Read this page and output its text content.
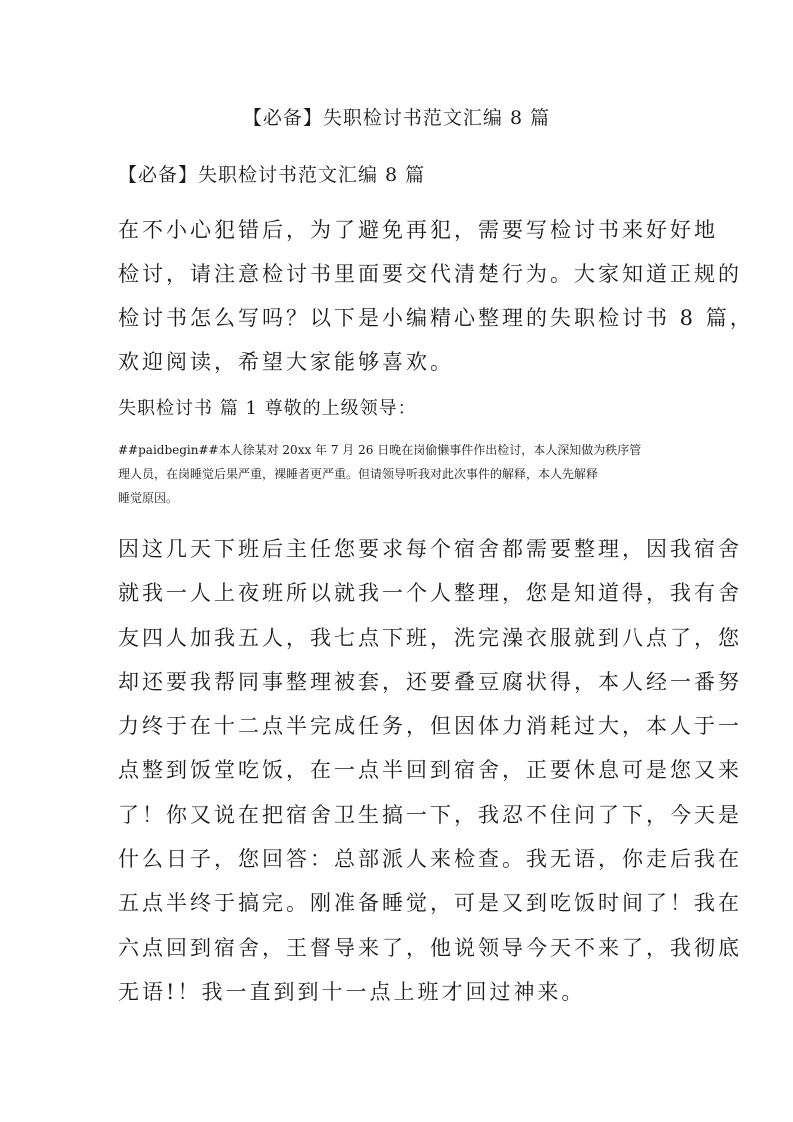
【必备】失职检讨书范文汇编 8 篇
【必备】失职检讨书范文汇编 8 篇
在不小心犯错后，为了避免再犯，需要写检讨书来好好地
检讨，请注意检讨书里面要交代清楚行为。大家知道正规的
检讨书怎么写吗？以下是小编精心整理的失职检讨书 8 篇，
欢迎阅读，希望大家能够喜欢。
失职检讨书 篇 1 尊敬的上级领导：
##paidbegin##本人徐某对 20xx 年 7 月 26 日晚在岗偷懒事件作出检讨，本人深知做为秩序管
理人员，在岗睡觉后果严重，裸睡者更严重。但请领导听我对此次事件的解释，本人先解释
睡觉原因。
因这几天下班后主任您要求每个宿舍都需要整理，因我宿舍
就我一人上夜班所以就我一个人整理，您是知道得，我有舍
友四人加我五人，我七点下班，洗完澡衣服就到八点了，您
却还要我帮同事整理被套，还要叠豆腐状得，本人经一番努
力终于在十二点半完成任务，但因体力消耗过大，本人于一
点整到饭堂吃饭，在一点半回到宿舍，正要休息可是您又来
了！你又说在把宿舍卫生搞一下，我忍不住问了下，今天是
什么日子，您回答：总部派人来检查。我无语，你走后我在
五点半终于搞完。刚准备睡觉，可是又到吃饭时间了！我在
六点回到宿舍，王督导来了，他说领导今天不来了，我彻底
无语!！我一直到到十一点上班才回过神来。
